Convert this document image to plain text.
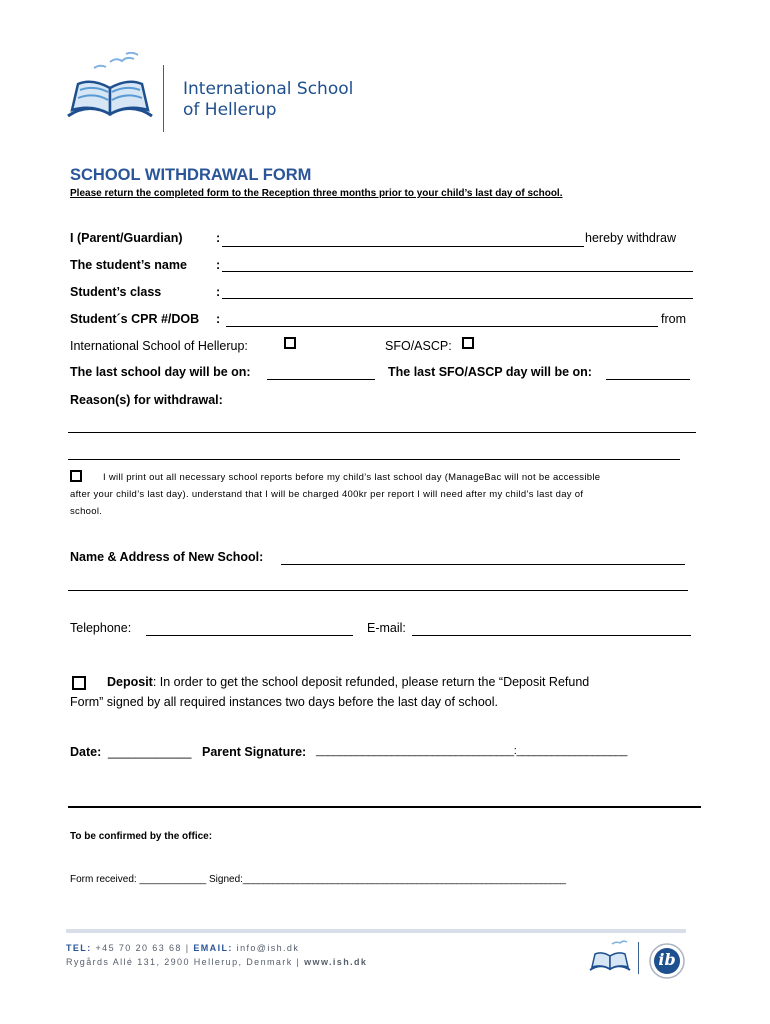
International School
of Hellerup
SCHOOL WITHDRAWAL FORM
Please return the completed form to the Reception three months prior to your child’s last day of school.
I (Parent/Guardian)	:	hereby withdraw
The student’s name :
Student’s class	:
Student´s CPR #/DOB :	from
International School of Hellerup:	SFO/ASCP:
The last school day will be on:	The last SFO/ASCP day will be on:
Reason(s) for withdrawal:
I will print out all necessary school reports before my child’s last school day (ManageBac will not be accessible
after your child’s last day). understand that I will be charged 400kr per report I will need after my child’s last day of
school.
Name & Address of New School:
Telephone:	E-mail:
Deposit: In order to get the school deposit refunded, please return the “Deposit Refund
Form” signed by all required instances two days before the last day of school.
Date: ____________ Parent Signature: __________________________________:___________________
To be confirmed by the office:
Form received: ____________ Signed:_________________________________________________________________
TEL: +45 70 20 63 68 | EMAIL: info@ish.dk
Rygårds Allé 131, 2900 Hellerup, Denmark | www.ish.dk	ib
